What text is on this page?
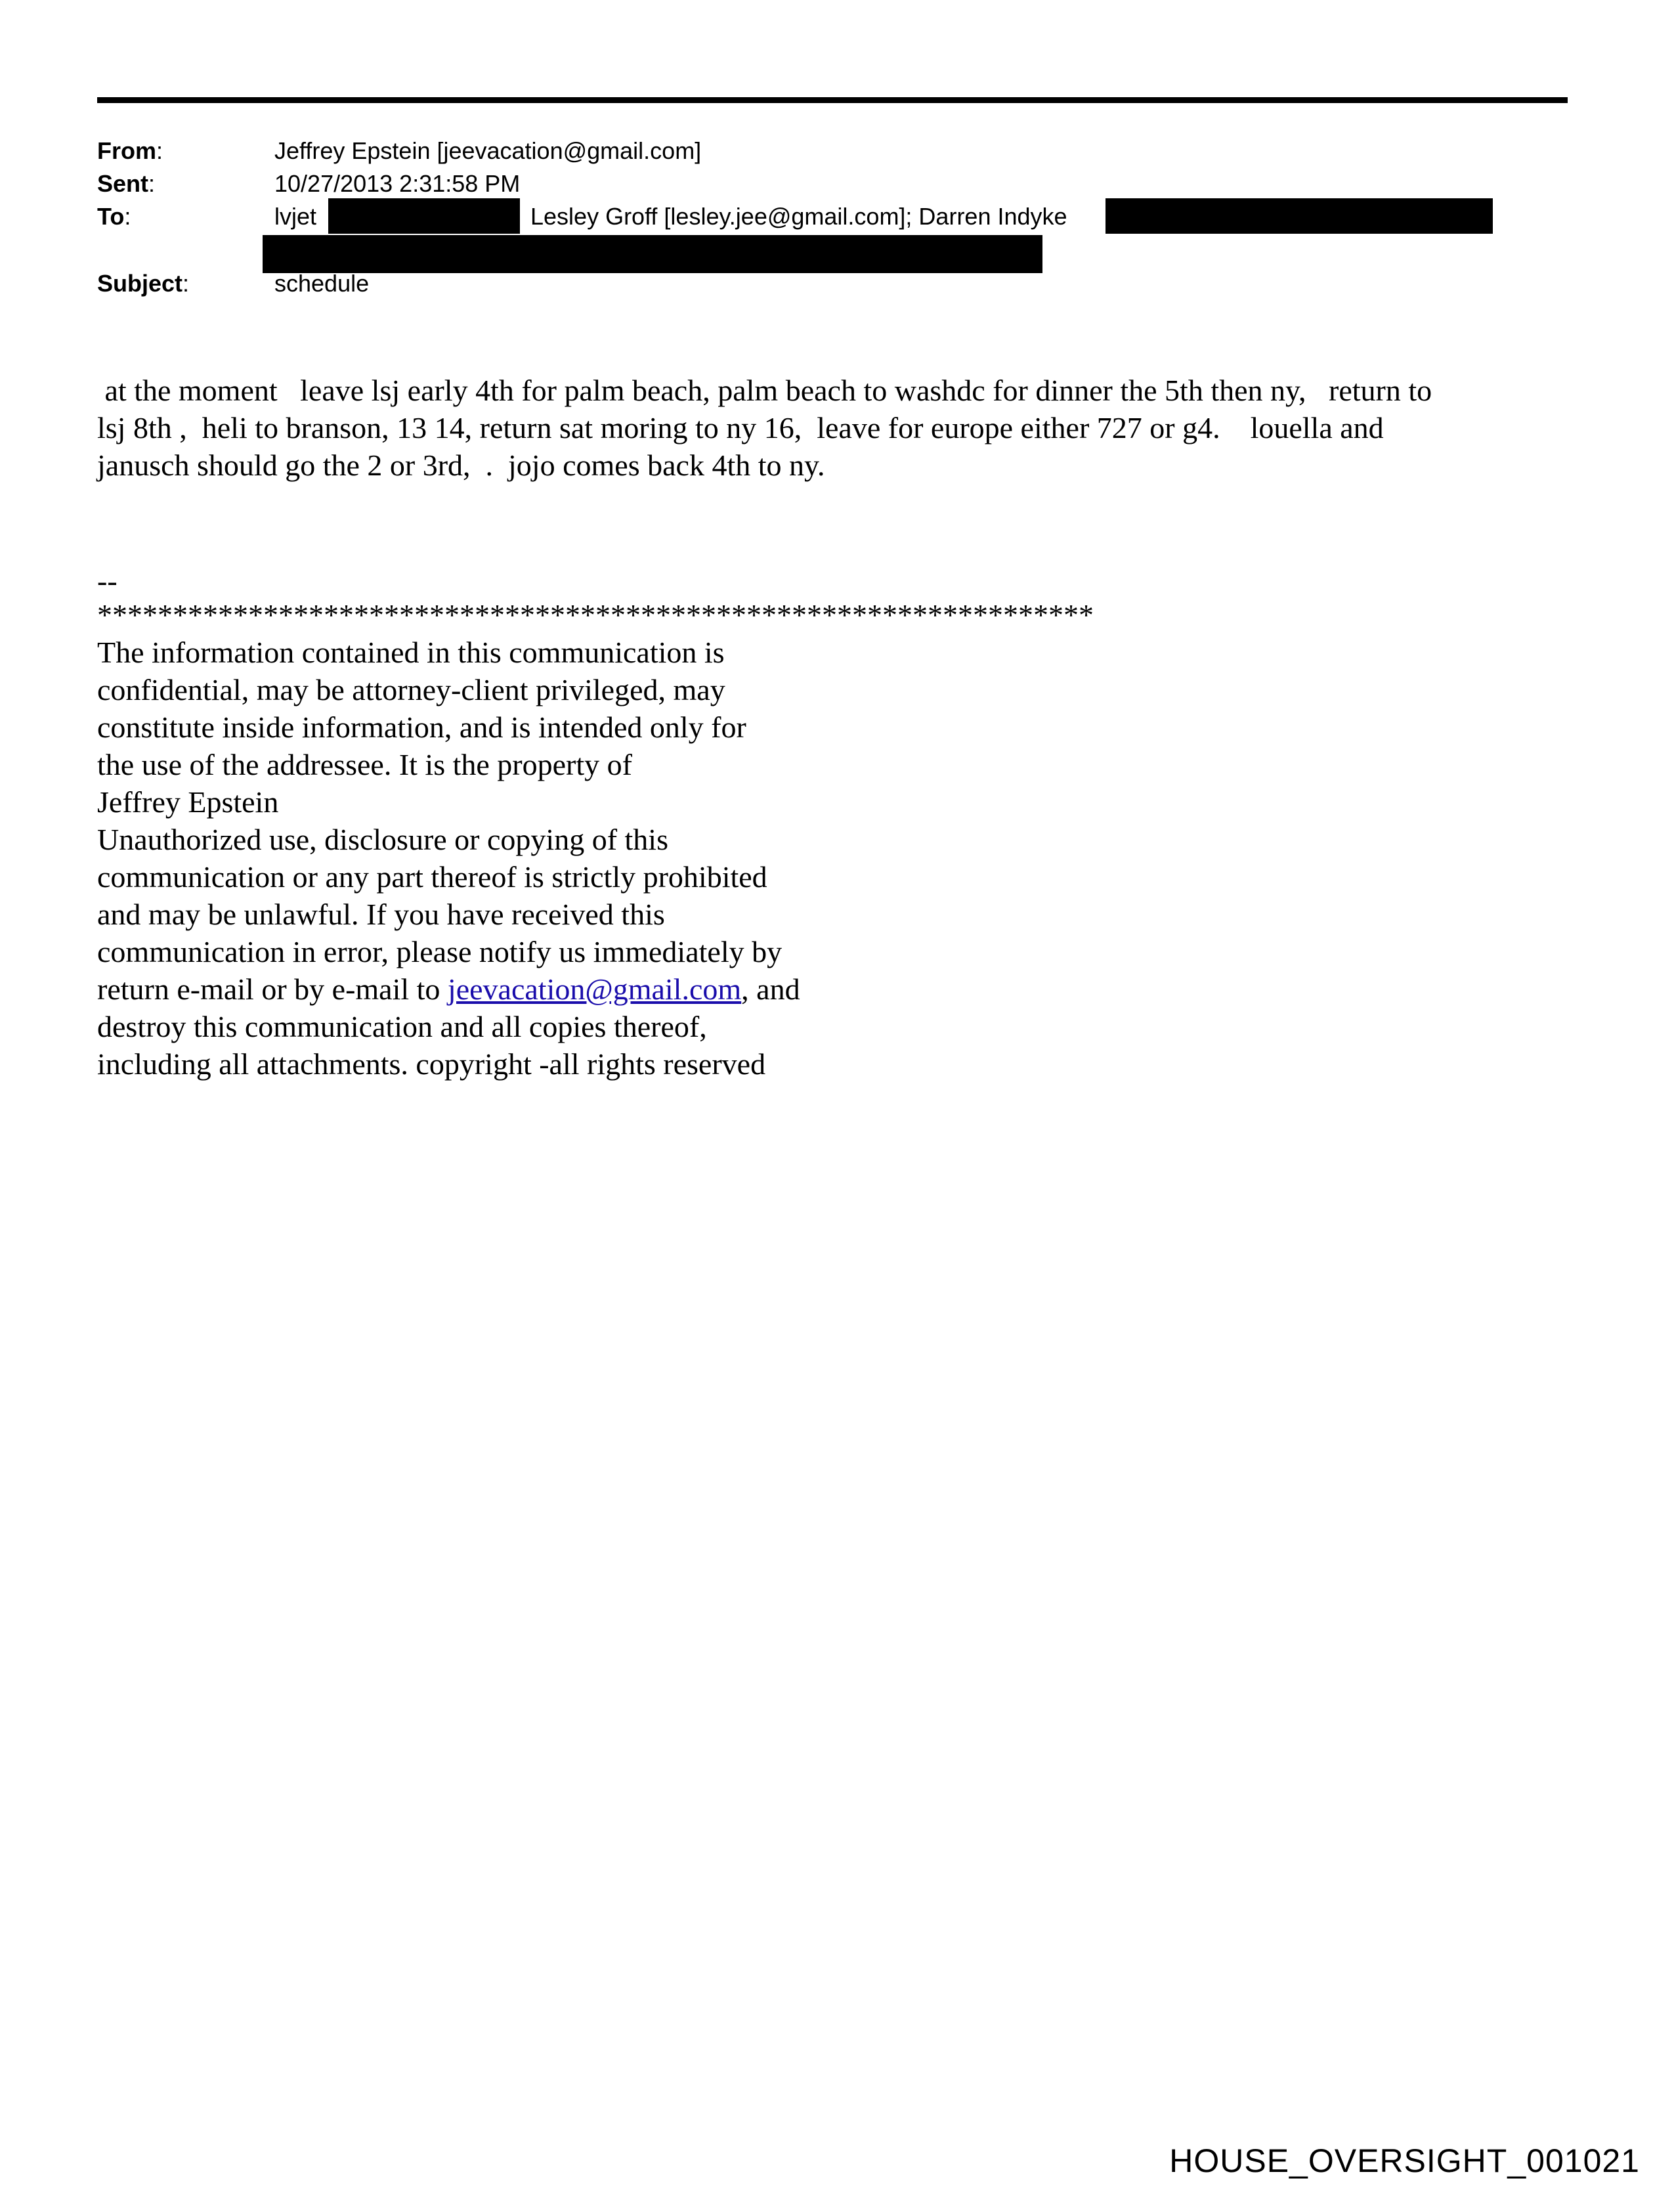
From:	Jeffrey Epstein [jeevacation@gmail.com]
Sent:	10/27/2013 2:31:58 PM
To:	lvjet	Lesley Groff [lesley.jee@gmail.com]; Darren Indyke
Subject:	schedule
at the moment   leave lsj early 4th for palm beach, palm beach to washdc for dinner the 5th then ny,   return to
lsj 8th ,  heli to branson, 13 14, return sat moring to ny 16,  leave for europe either 727 or g4.    louella and
janusch should go the 2 or 3rd,  .  jojo comes back 4th to ny.
--
******************************************************************
The information contained in this communication is
confidential, may be attorney-client privileged, may
constitute inside information, and is intended only for
the use of the addressee. It is the property of
Jeffrey Epstein
Unauthorized use, disclosure or copying of this
communication or any part thereof is strictly prohibited
and may be unlawful. If you have received this
communication in error, please notify us immediately by
return e-mail or by e-mail to jeevacation@gmail.com, and
destroy this communication and all copies thereof,
including all attachments. copyright -all rights reserved
HOUSE_OVERSIGHT_001021
